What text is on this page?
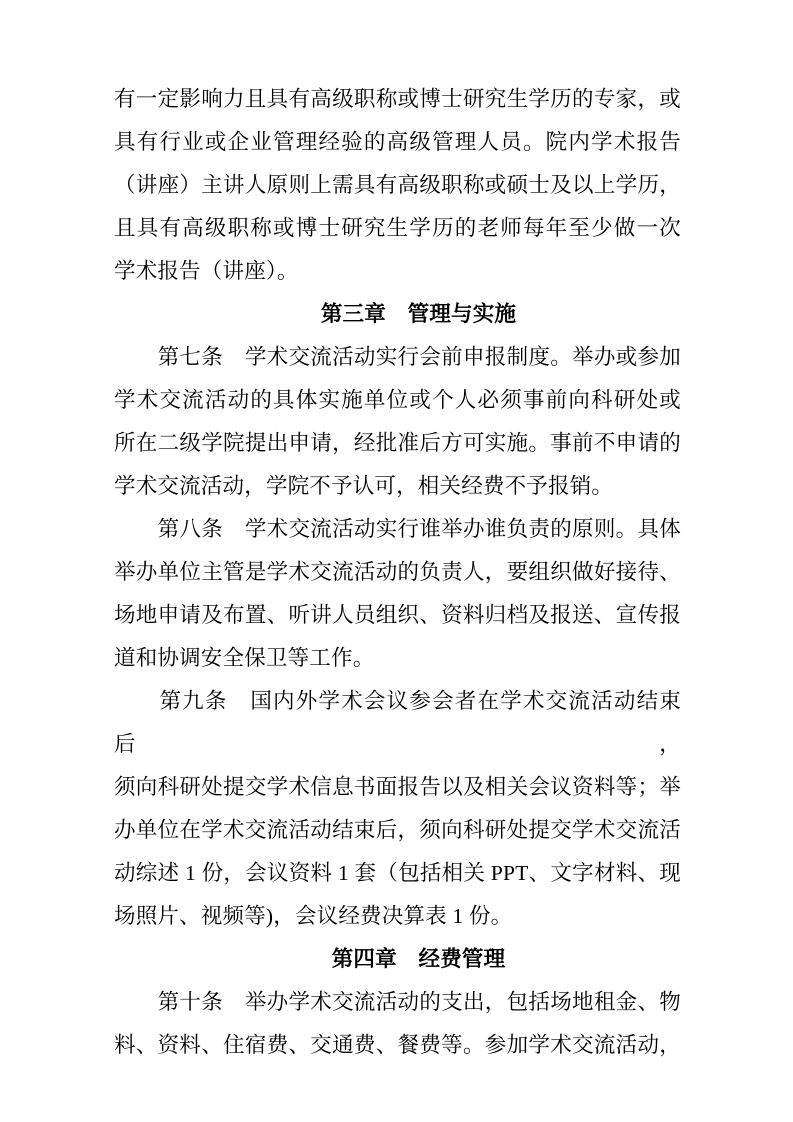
有一定影响力且具有高级职称或博士研究生学历的专家，或
具有行业或企业管理经验的高级管理人员。院内学术报告
（讲座）主讲人原则上需具有高级职称或硕士及以上学历，
且具有高级职称或博士研究生学历的老师每年至少做一次
学术报告（讲座）。
第三章　管理与实施
　　第七条　学术交流活动实行会前申报制度。举办或参加
学术交流活动的具体实施单位或个人必须事前向科研处或
所在二级学院提出申请，经批准后方可实施。事前不申请的
学术交流活动，学院不予认可，相关经费不予报销。
　　第八条　学术交流活动实行谁举办谁负责的原则。具体
举办单位主管是学术交流活动的负责人，要组织做好接待、
场地申请及布置、听讲人员组织、资料归档及报送、宣传报
道和协调安全保卫等工作。
　　第九条　国内外学术会议参会者在学术交流活动结束后，
须向科研处提交学术信息书面报告以及相关会议资料等；举
办单位在学术交流活动结束后，须向科研处提交学术交流活
动综述 1 份，会议资料 1 套（包括相关 PPT、文字材料、现
场照片、视频等)，会议经费决算表 1 份。
第四章　经费管理
　　第十条　举办学术交流活动的支出，包括场地租金、物
料、资料、住宿费、交通费、餐费等。参加学术交流活动，
